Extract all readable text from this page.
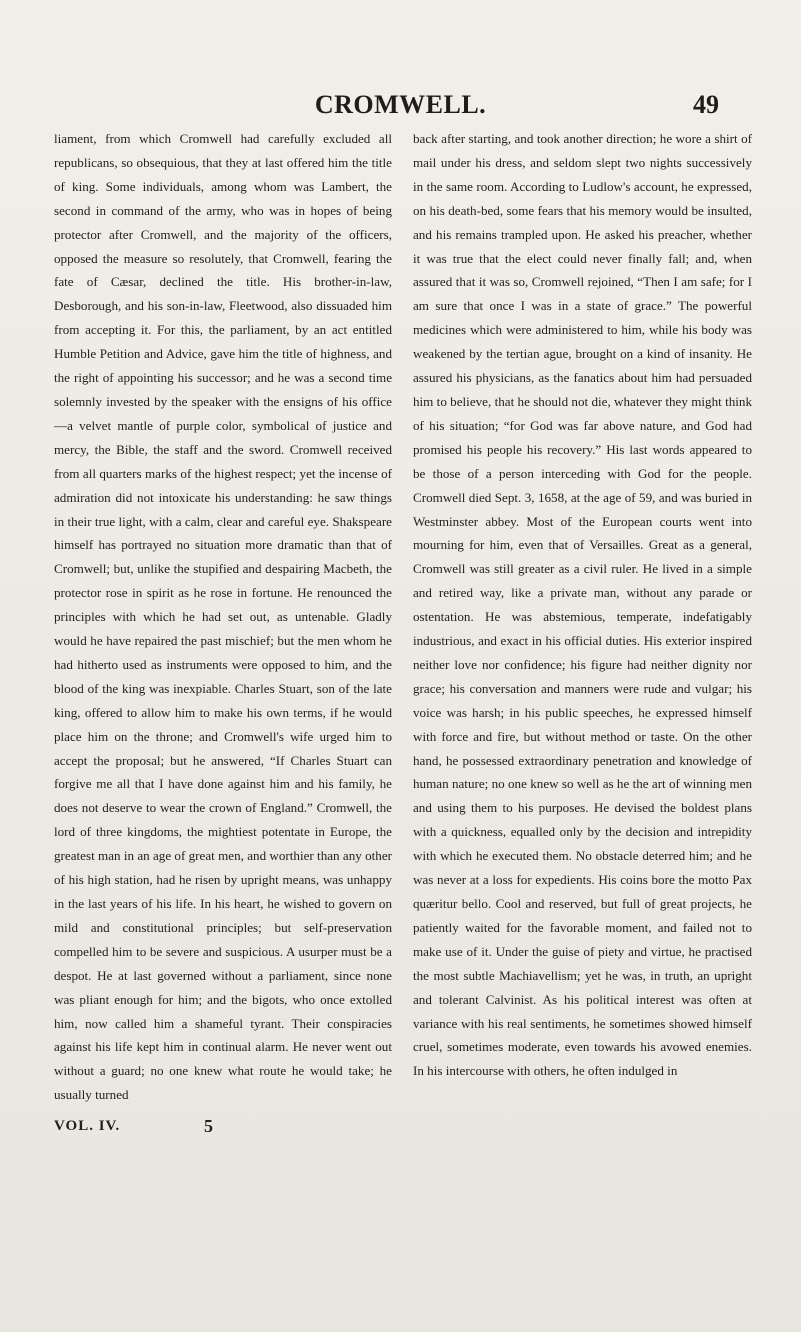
CROMWELL.	49

liament, from which Cromwell had carefully excluded all republicans, so obsequious, that they at last offered him the title of king. Some individuals, among whom was Lambert, the second in command of the army, who was in hopes of being protector after Cromwell, and the majority of the officers, opposed the measure so resolutely, that Cromwell, fearing the fate of Cæsar, declined the title. His brother-in-law, Desborough, and his son-in-law, Fleetwood, also dissuaded him from accepting it. For this, the parliament, by an act entitled Humble Petition and Advice, gave him the title of highness, and the right of appointing his successor; and he was a second time solemnly invested by the speaker with the ensigns of his office—a velvet mantle of purple color, symbolical of justice and mercy, the Bible, the staff and the sword. Cromwell received from all quarters marks of the highest respect; yet the incense of admiration did not intoxicate his understanding: he saw things in their true light, with a calm, clear and careful eye. Shakspeare himself has portrayed no situation more dramatic than that of Cromwell; but, unlike the stupified and despairing Macbeth, the protector rose in spirit as he rose in fortune. He renounced the principles with which he had set out, as untenable. Gladly would he have repaired the past mischief; but the men whom he had hitherto used as instruments were opposed to him, and the blood of the king was inexpiable. Charles Stuart, son of the late king, offered to allow him to make his own terms, if he would place him on the throne; and Cromwell's wife urged him to accept the proposal; but he answered, “If Charles Stuart can forgive me all that I have done against him and his family, he does not deserve to wear the crown of England.” Cromwell, the lord of three kingdoms, the mightiest potentate in Europe, the greatest man in an age of great men, and worthier than any other of his high station, had he risen by upright means, was unhappy in the last years of his life. In his heart, he wished to govern on mild and constitutional principles; but self-preservation compelled him to be severe and suspicious. A usurper must be a despot. He at last governed without a parliament, since none was pliant enough for him; and the bigots, who once extolled him, now called him a shameful tyrant. Their conspiracies against his life kept him in continual alarm. He never went out without a guard; no one knew what route he would take; he usually turned

back after starting, and took another direction; he wore a shirt of mail under his dress, and seldom slept two nights successively in the same room. According to Ludlow's account, he expressed, on his death-bed, some fears that his memory would be insulted, and his remains trampled upon. He asked his preacher, whether it was true that the elect could never finally fall; and, when assured that it was so, Cromwell rejoined, “Then I am safe; for I am sure that once I was in a state of grace.” The powerful medicines which were administered to him, while his body was weakened by the tertian ague, brought on a kind of insanity. He assured his physicians, as the fanatics about him had persuaded him to believe, that he should not die, whatever they might think of his situation; “for God was far above nature, and God had promised his people his recovery.” His last words appeared to be those of a person interceding with God for the people. Cromwell died Sept. 3, 1658, at the age of 59, and was buried in Westminster abbey. Most of the European courts went into mourning for him, even that of Versailles. Great as a general, Cromwell was still greater as a civil ruler. He lived in a simple and retired way, like a private man, without any parade or ostentation. He was abstemious, temperate, indefatigably industrious, and exact in his official duties. His exterior inspired neither love nor confidence; his figure had neither dignity nor grace; his conversation and manners were rude and vulgar; his voice was harsh; in his public speeches, he expressed himself with force and fire, but without method or taste. On the other hand, he possessed extraordinary penetration and knowledge of human nature; no one knew so well as he the art of winning men and using them to his purposes. He devised the boldest plans with a quickness, equalled only by the decision and intrepidity with which he executed them. No obstacle deterred him; and he was never at a loss for expedients. His coins bore the motto Pax quæritur bello. Cool and reserved, but full of great projects, he patiently waited for the favorable moment, and failed not to make use of it. Under the guise of piety and virtue, he practised the most subtle Machiavellism; yet he was, in truth, an upright and tolerant Calvinist. As his political interest was often at variance with his real sentiments, he sometimes showed himself cruel, sometimes moderate, even towards his avowed enemies. In his intercourse with others, he often indulged in

VOL. IV.	5
